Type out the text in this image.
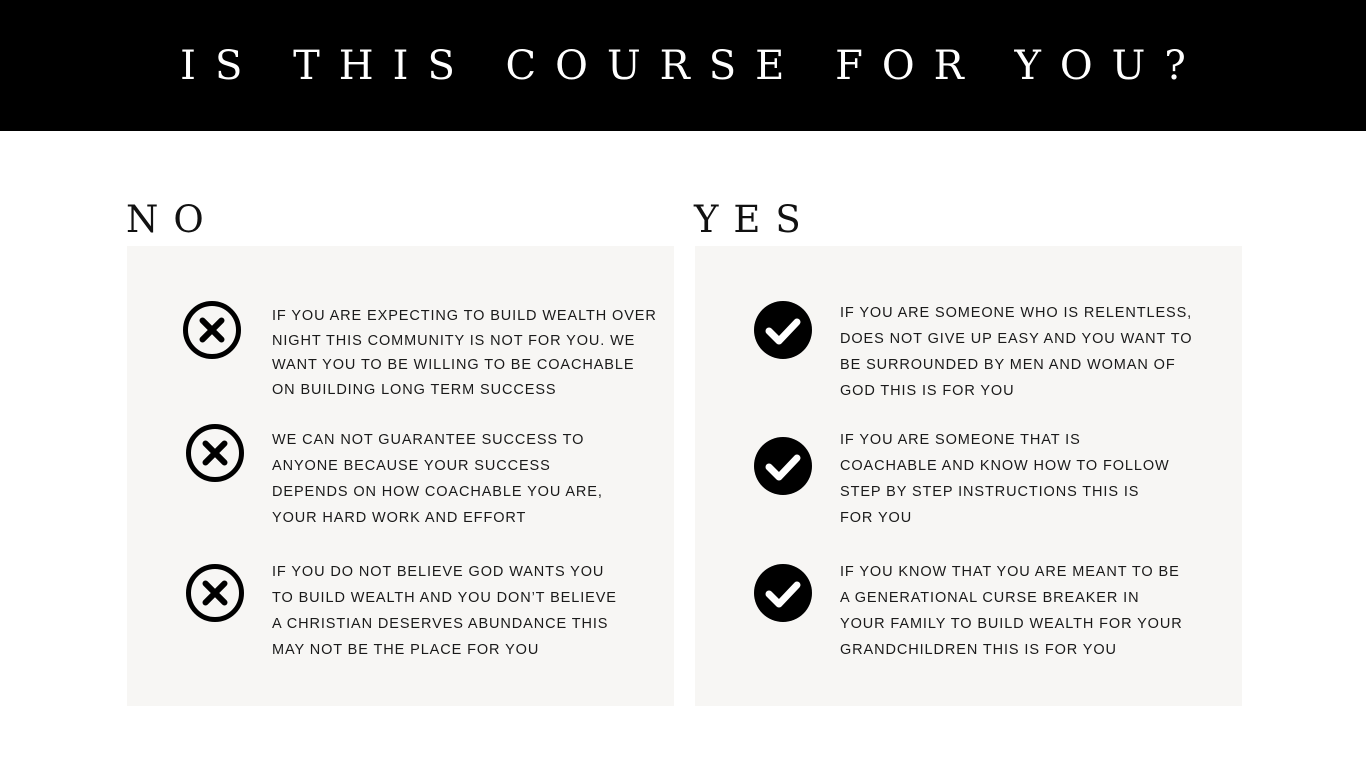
IS THIS COURSE FOR YOU?
NO
IF YOU ARE EXPECTING TO BUILD WEALTH OVER NIGHT THIS COMMUNITY IS NOT FOR YOU. WE WANT YOU TO BE WILLING TO BE COACHABLE ON BUILDING LONG TERM SUCCESS
WE CAN NOT GUARANTEE SUCCESS TO ANYONE BECAUSE YOUR SUCCESS DEPENDS ON HOW COACHABLE YOU ARE, YOUR HARD WORK AND EFFORT
IF YOU DO NOT BELIEVE GOD WANTS YOU TO BUILD WEALTH AND YOU DON’T BELIEVE A CHRISTIAN DESERVES ABUNDANCE THIS MAY NOT BE THE PLACE FOR YOU
YES
IF YOU ARE SOMEONE WHO IS RELENTLESS, DOES NOT GIVE UP EASY AND YOU WANT TO BE SURROUNDED BY MEN AND WOMAN OF GOD THIS IS FOR YOU
IF YOU ARE SOMEONE THAT IS COACHABLE AND KNOW HOW TO FOLLOW STEP BY STEP INSTRUCTIONS THIS IS FOR YOU
IF YOU KNOW THAT YOU ARE MEANT TO BE A GENERATIONAL CURSE BREAKER IN YOUR FAMILY TO BUILD WEALTH FOR YOUR GRANDCHILDREN THIS IS FOR YOU
